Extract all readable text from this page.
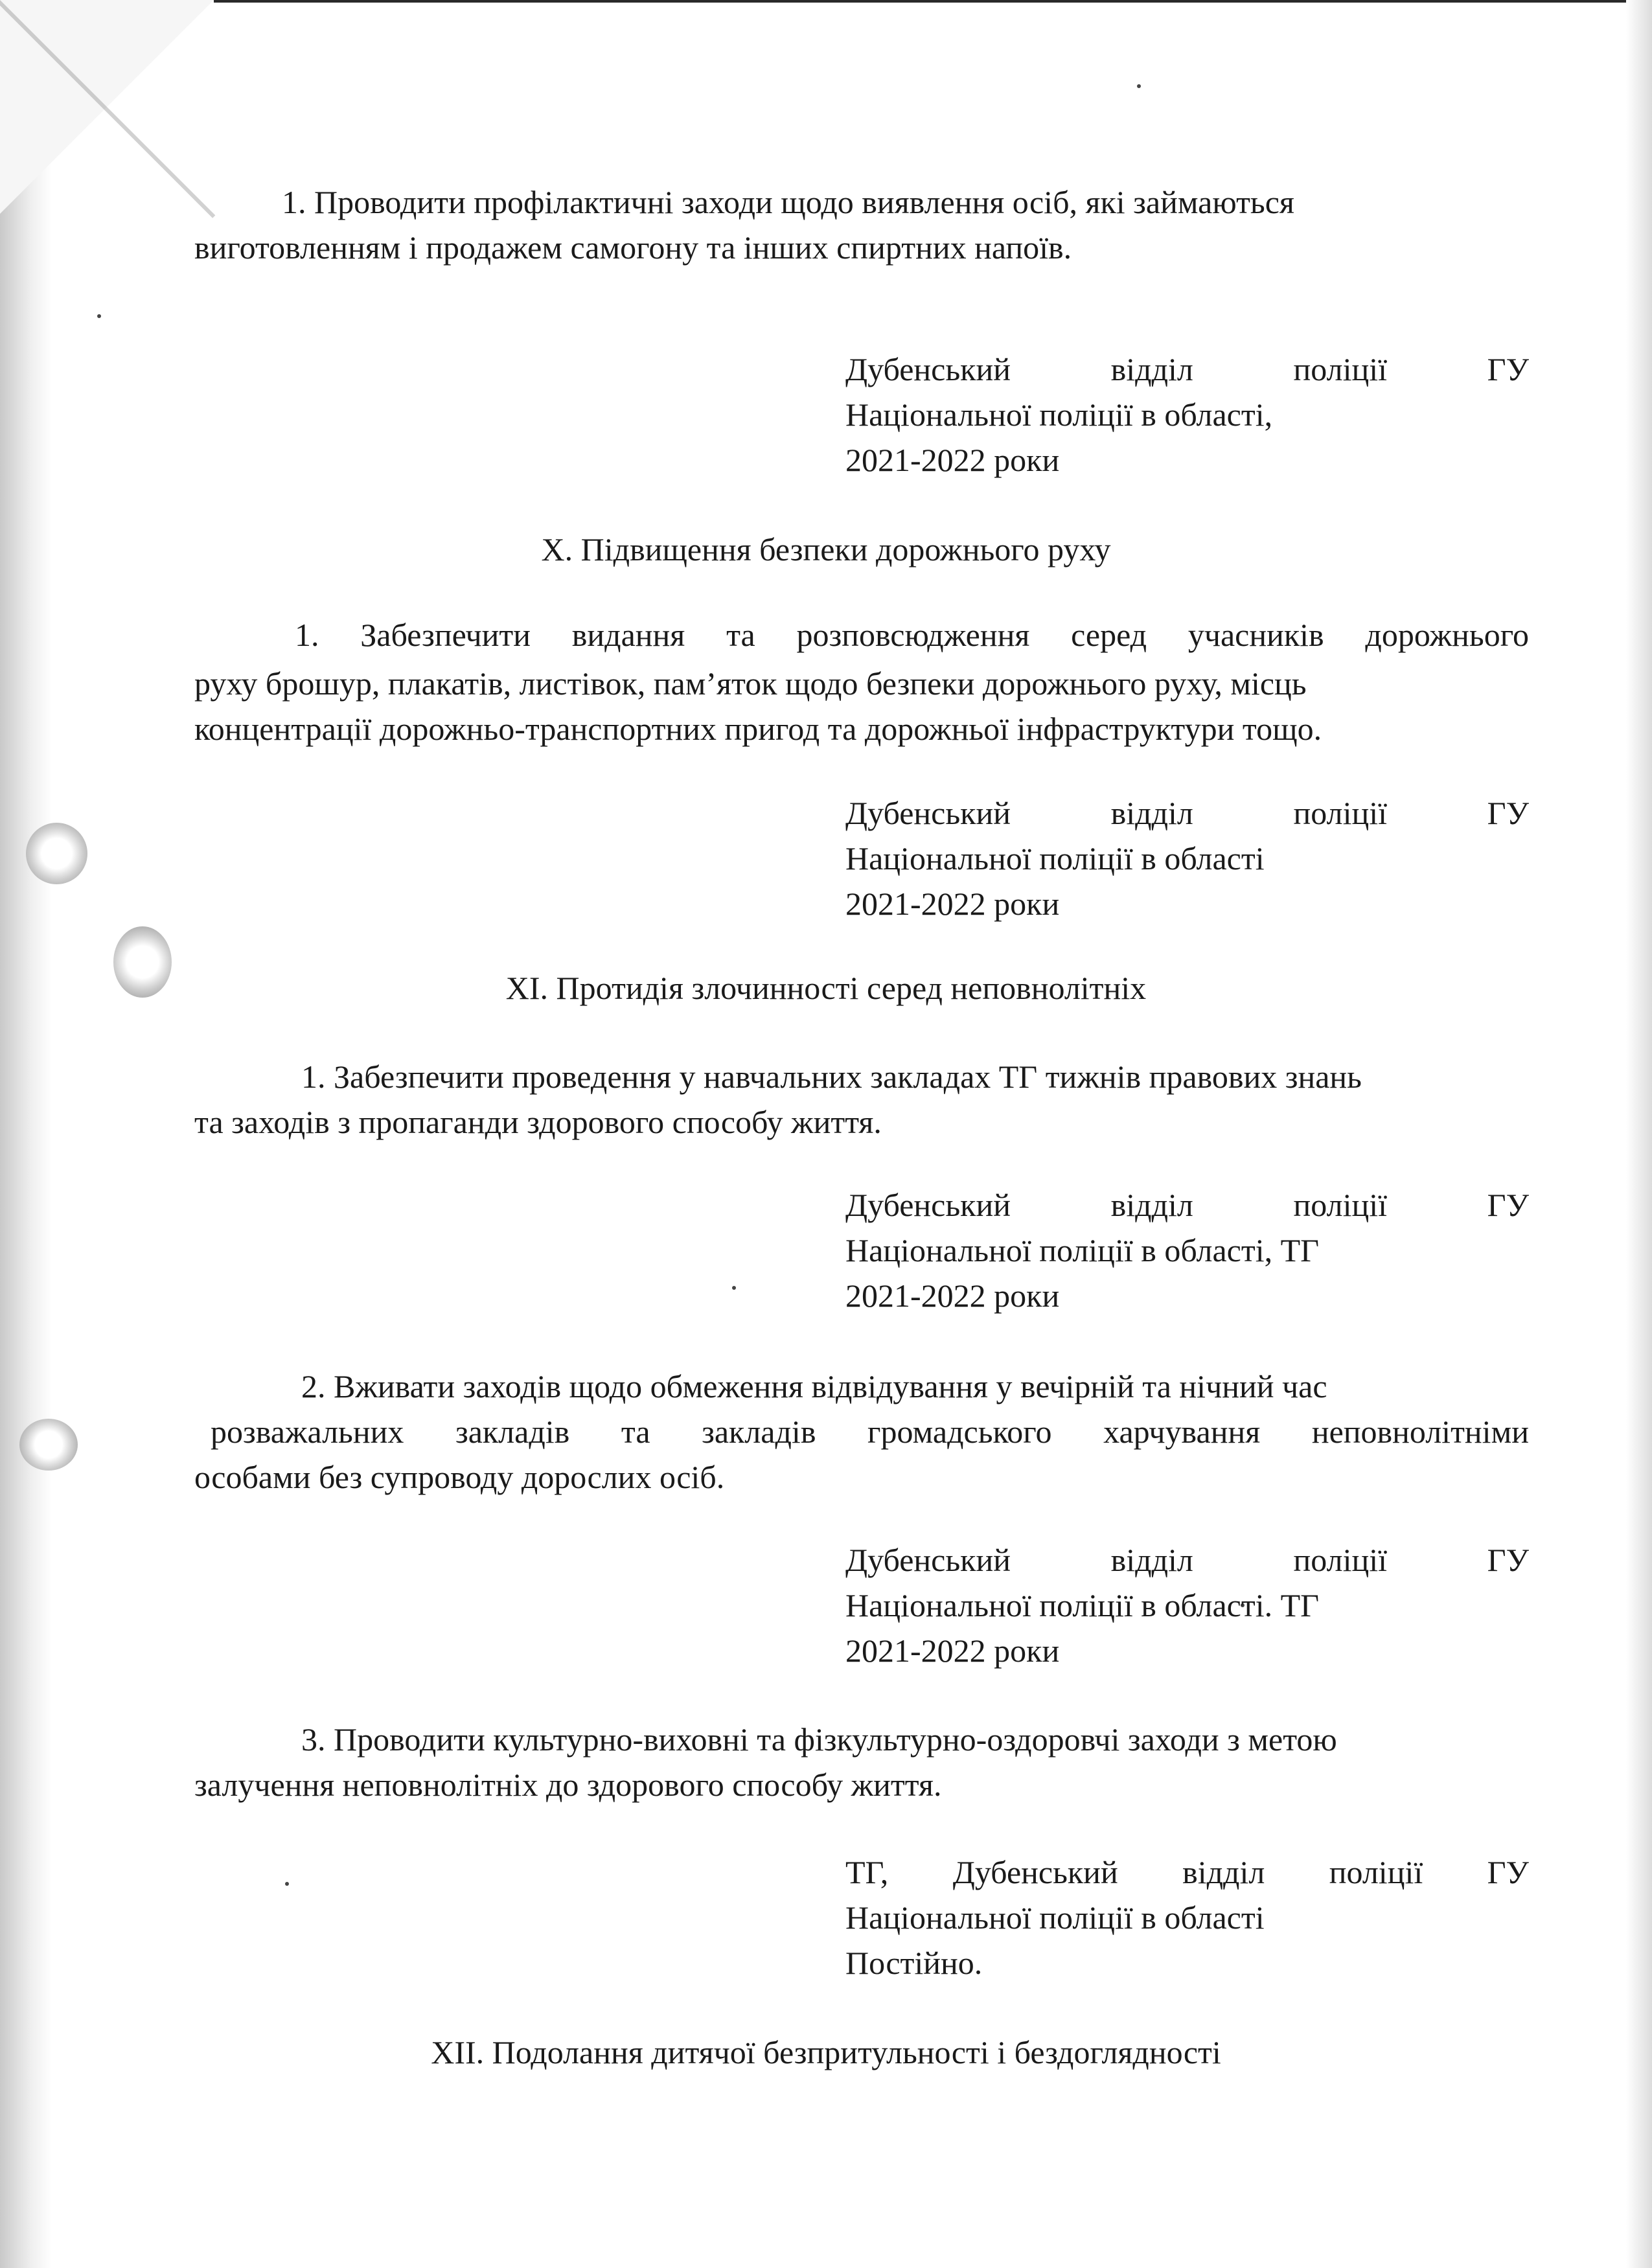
1. Проводити профілактичні заходи щодо виявлення осіб, які займаються
виготовленням і продажем самогону та інших спиртних напоїв.
Дубенський	відділ	поліції	ГУ
Національної поліції в області,
2021-2022 роки
X. Підвищення безпеки дорожнього руху
1. Забезпечити видання та розповсюдження серед учасників дорожнього
руху брошур, плакатів, листівок, пам’яток щодо безпеки дорожнього руху, місць
концентрації дорожньо-транспортних пригод та дорожньої інфраструктури тощо.
Дубенський	відділ	поліції	ГУ
Національної поліції в області
2021-2022 роки
XI. Протидія злочинності серед неповнолітніх
1. Забезпечити проведення у навчальних закладах ТГ тижнів правових знань
та заходів з пропаганди здорового способу життя.
Дубенський	відділ	поліції	ГУ
Національної поліції в області, ТГ
2021-2022 роки
2. Вживати заходів щодо обмеження відвідування у вечірній та нічний час
розважальних закладів та закладів громадського харчування неповнолітніми
особами без супроводу дорослих осіб.
Дубенський	відділ	поліції	ГУ
Національної поліції в області. ТГ
2021-2022 роки
3. Проводити культурно-виховні та фізкультурно-оздоровчі заходи з метою
залучення неповнолітніх до здорового способу життя.
ТГ, Дубенський відділ поліції ГУ
Національної поліції в області
Постійно.
XII. Подолання дитячої безпритульності і бездоглядності
